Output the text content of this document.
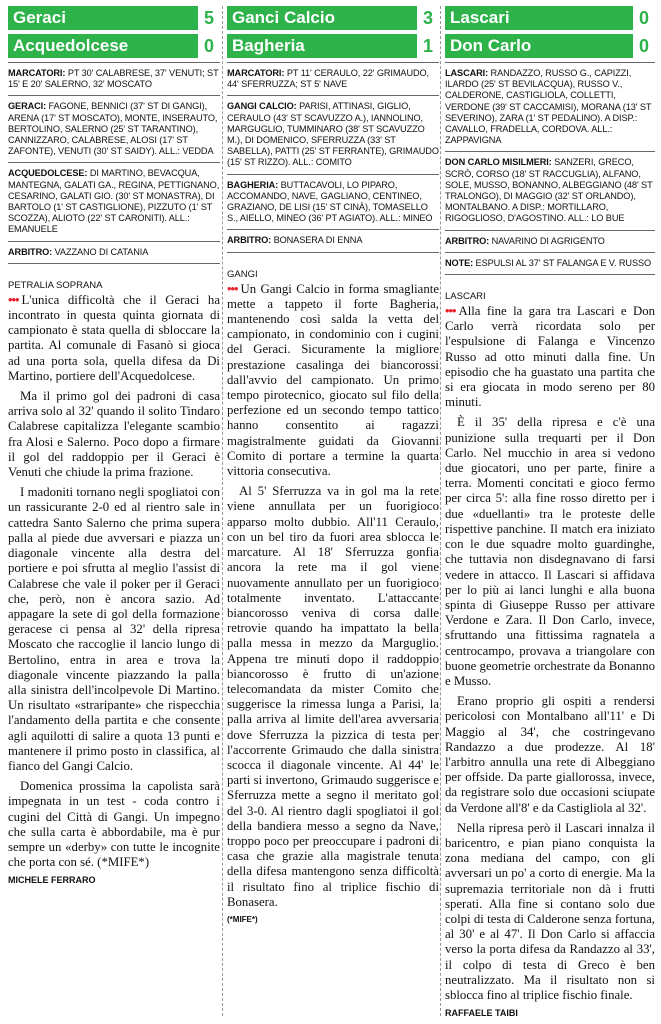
Geraci	5
Acquedolcese	0
MARCATORI: PT 30' CALABRESE, 37' VENUTI; ST 15' E 20' SALERNO, 32' MOSCATO
GERACI: FAGONE, BENNICI (37' ST DI GANGI), ARENA (17' ST MOSCATO), MONTE, INSERAUTO, BERTOLINO, SALERNO (25' ST TARANTINO), CANNIZZARO, CALABRESE, ALOSI (17' ST ZAFONTE), VENUTI (30' ST SAIDY). ALL.: VEDDA
ACQUEDOLCESE: DI MARTINO, BEVACQUA, MANTEGNA, GALATI GA., REGINA, PETTIGNANO, CESARINO, GALATI GIO. (30' ST MONASTRA), DI BARTOLO (1' ST CASTIGLIONE), PIZZUTO (1' ST SCOZZA), ALIOTO (22' ST CARONITI). ALL.: EMANUELE
ARBITRO: VAZZANO DI CATANIA
PETRALIA SOPRANA

••• L'unica difficoltà che il Geraci ha incontrato in questa quinta giornata di campionato è stata quella di sbloccare la partita. Al comunale di Fasanò si gioca ad una porta sola, quella difesa da Di Martino, portiere dell'Acquedolcese.

Ma il primo gol dei padroni di casa arriva solo al 32' quando il solito Tindaro Calabrese capitalizza l'elegante scambio fra Alosi e Salerno. Poco dopo a firmare il gol del raddoppio per il Geraci è Venuti che chiude la prima frazione.

I madoniti tornano negli spogliatoi con un rassicurante 2-0 ed al rientro sale in cattedra Santo Salerno che prima supera palla al piede due avversari e piazza un diagonale vincente alla destra del portiere e poi sfrutta al meglio l'assist di Calabrese che vale il poker per il Geraci che, però, non è ancora sazio. Ad appagare la sete di gol della formazione geracese ci pensa al 32' della ripresa Moscato che raccoglie il lancio lungo di Bertolino, entra in area e trova la diagonale vincente piazzando la palla alla sinistra dell'incolpevole Di Martino. Un risultato «straripante» che rispecchia l'andamento della partita e che consente agli aquilotti di salire a quota 13 punti e mantenere il primo posto in classifica, al fianco del Gangi Calcio.

Domenica prossima la capolista sarà impegnata in un test - coda contro i cugini del Città di Gangi. Un impegno che sulla carta è abbordabile, ma è pur sempre un «derby» con tutte le incognite che porta con sé. (*MIFE*)

MICHELE FERRARO
Ganci Calcio	3
Bagheria	1
MARCATORI: PT 11' CERAULO, 22' GRIMAUDO, 44' SFERRUZZA; ST 5' NAVE
GANGI CALCIO: PARISI, ATTINASI, GIGLIO, CERAULO (43' ST SCAVUZZO A.), IANNOLINO, MARGUGLIO, TUMMINARO (38' ST SCAVUZZO M.), DI DOMENICO, SFERRUZZA (33' ST SABELLA), PATTI (25' ST FERRANTE), GRIMAUDO (15' ST RIZZO). ALL.: COMITO
BAGHERIA: BUTTACAVOLI, LO PIPARO, ACCOMANDO, NAVE, GAGLIANO, CENTINEO, GRAZIANO, DE LISI (15' ST CINÀ), TOMASELLO S., AIELLO, MINEO (36' PT AGIATO). ALL.: MINEO
ARBITRO: BONASERA DI ENNA
GANGI

••• Un Gangi Calcio in forma smagliante mette a tappeto il forte Bagheria, mantenendo così salda la vetta del campionato, in condominio con i cugini del Geraci. Sicuramente la migliore prestazione casalinga dei biancorossi dall'avvio del campionato. Un primo tempo pirotecnico, giocato sul filo della perfezione ed un secondo tempo tattico hanno consentito ai ragazzi magistralmente guidati da Giovanni Comito di portare a termine la quarta vittoria consecutiva.

Al 5' Sferruzza va in gol ma la rete viene annullata per un fuorigioco apparso molto dubbio. All'11 Ceraulo, con un bel tiro da fuori area sblocca le marcature. Al 18' Sferruzza gonfia ancora la rete ma il gol viene nuovamente annullato per un fuorigioco totalmente inventato. L'attaccante biancorosso veniva di corsa dalle retrovie quando ha impattato la bella palla messa in mezzo da Marguglio. Appena tre minuti dopo il raddoppio biancorosso è frutto di un'azione telecomandata da mister Comito che suggerisce la rimessa lunga a Parisi, la palla arriva al limite dell'area avversaria dove Sferruzza la pizzica di testa per l'accorrente Grimaudo che dalla sinistra scocca il diagonale vincente. Al 44' le parti si invertono, Grimaudo suggerisce e Sferruzza mette a segno il meritato gol del 3-0. Al rientro dagli spogliatoi il gol della bandiera messo a segno da Nave, troppo poco per preoccupare i padroni di casa che grazie alla magistrale tenuta della difesa mantengono senza difficoltà il risultato fino al triplice fischio di Bonasera.

(*MIFE*)
Lascari	0
Don Carlo	0
LASCARI: RANDAZZO, RUSSO G., CAPIZZI, ILARDO (25' ST BEVILACQUA), RUSSO V., CALDERONE, CASTIGLIOLA, COLLETTI, VERDONE (39' ST CACCAMISI), MORANA (13' ST SEVERINO), ZARA (1' ST PEDALINO). A DISP.: CAVALLO, FRADELLA, CORDOVA. ALL.: ZAPPAVIGNA
DON CARLO MISILMERI: SANZERI, GRECO, SCRÒ, CORSO (18' ST RACCUGLIA), ALFANO, SOLE, MUSSO, BONANNO, ALBEGGIANO (48' ST TRALONGO), DI MAGGIO (32' ST ORLANDO), MONTALBANO. A DISP.: MORTILLARO, RIGOGLIOSO, D'AGOSTINO. ALL.: LO BUE
ARBITRO: NAVARINO DI AGRIGENTO
NOTE: ESPULSI AL 37' ST FALANGA E V. RUSSO
LASCARI

••• Alla fine la gara tra Lascari e Don Carlo verrà ricordata solo per l'espulsione di Falanga e Vincenzo Russo ad otto minuti dalla fine. Un episodio che ha guastato una partita che si era giocata in modo sereno per 80 minuti.

È il 35' della ripresa e c'è una punizione sulla trequarti per il Don Carlo. Nel mucchio in area si vedono due giocatori, uno per parte, finire a terra. Momenti concitati e gioco fermo per circa 5': alla fine rosso diretto per i due «duellanti» tra le proteste delle rispettive panchine. Il match era iniziato con le due squadre molto guardinghe, che tuttavia non disdegnavano di farsi vedere in attacco. Il Lascari si affidava per lo più ai lanci lunghi e alla buona spinta di Giuseppe Russo per attivare Verdone e Zara. Il Don Carlo, invece, sfruttando una fittissima ragnatela a centrocampo, provava a triangolare con buone geometrie orchestrate da Bonanno e Musso.

Erano proprio gli ospiti a rendersi pericolosi con Montalbano all'11' e Di Maggio al 34', che costringevano Randazzo a due prodezze. Al 18' l'arbitro annulla una rete di Albeggiano per offside. Da parte giallorossa, invece, da registrare solo due occasioni sciupate da Verdone all'8' e da Castigliola al 32'.

Nella ripresa però il Lascari innalza il baricentro, e pian piano conquista la zona mediana del campo, con gli avversari un po' a corto di energie. Ma la supremazia territoriale non dà i frutti sperati. Alla fine si contano solo due colpi di testa di Calderone senza fortuna, al 30' e al 47'. Il Don Carlo si affaccia verso la porta difesa da Randazzo al 33', il colpo di testa di Greco è ben neutralizzato. Ma il risultato non si sblocca fino al triplice fischio finale.

RAFFAELE TAIBI
